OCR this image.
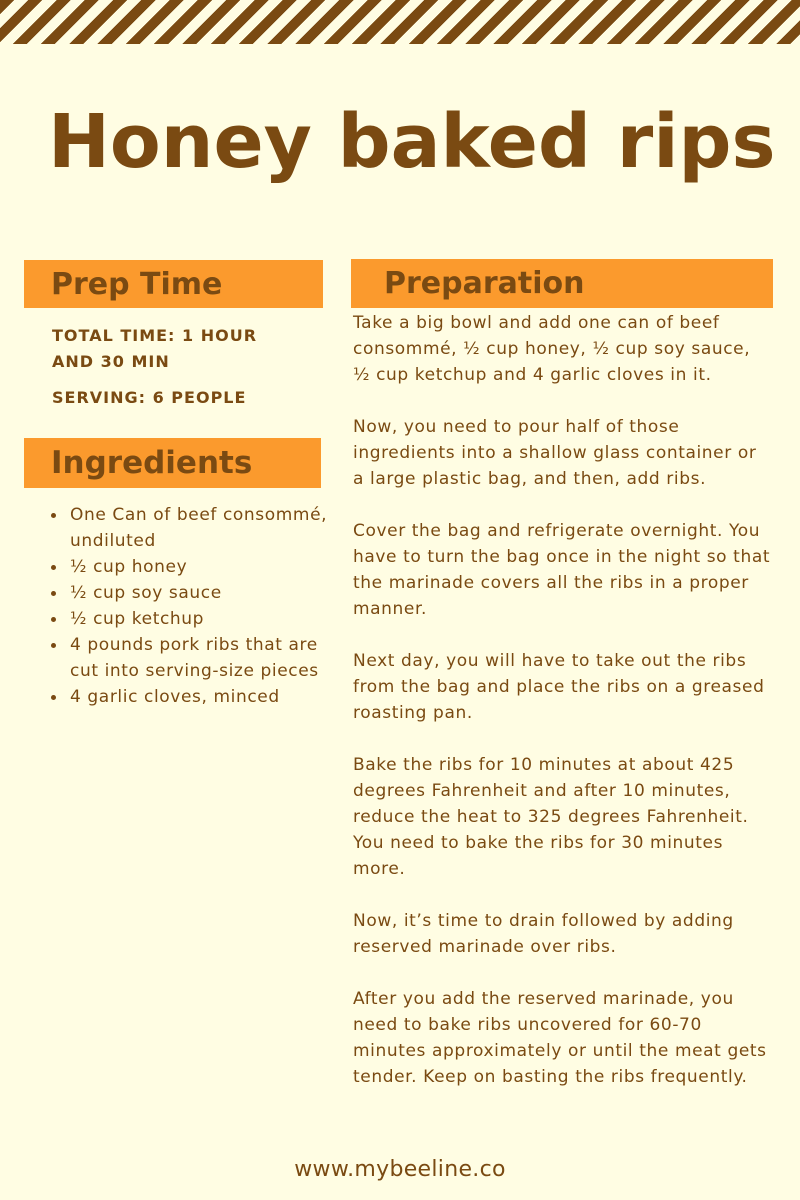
Honey baked rips
Prep Time

TOTAL TIME: 1 HOUR AND 30 MIN

SERVING: 6 PEOPLE

Ingredients
One Can of beef consommé, undiluted
½ cup honey
½ cup soy sauce
½ cup ketchup
4 pounds pork ribs that are cut into serving-size pieces
4 garlic cloves, minced
Preparation

Take a big bowl and add one can of beef consommé, ½ cup honey, ½ cup soy sauce, ½ cup ketchup and 4 garlic cloves in it.

Now, you need to pour half of those ingredients into a shallow glass container or a large plastic bag, and then, add ribs.

Cover the bag and refrigerate overnight. You have to turn the bag once in the night so that the marinade covers all the ribs in a proper manner.

Next day, you will have to take out the ribs from the bag and place the ribs on a greased roasting pan.

Bake the ribs for 10 minutes at about 425 degrees Fahrenheit and after 10 minutes, reduce the heat to 325 degrees Fahrenheit. You need to bake the ribs for 30 minutes more.

Now, it’s time to drain followed by adding reserved marinade over ribs.

After you add the reserved marinade, you need to bake ribs uncovered for 60-70 minutes approximately or until the meat gets tender. Keep on basting the ribs frequently.

www.mybeeline.co
